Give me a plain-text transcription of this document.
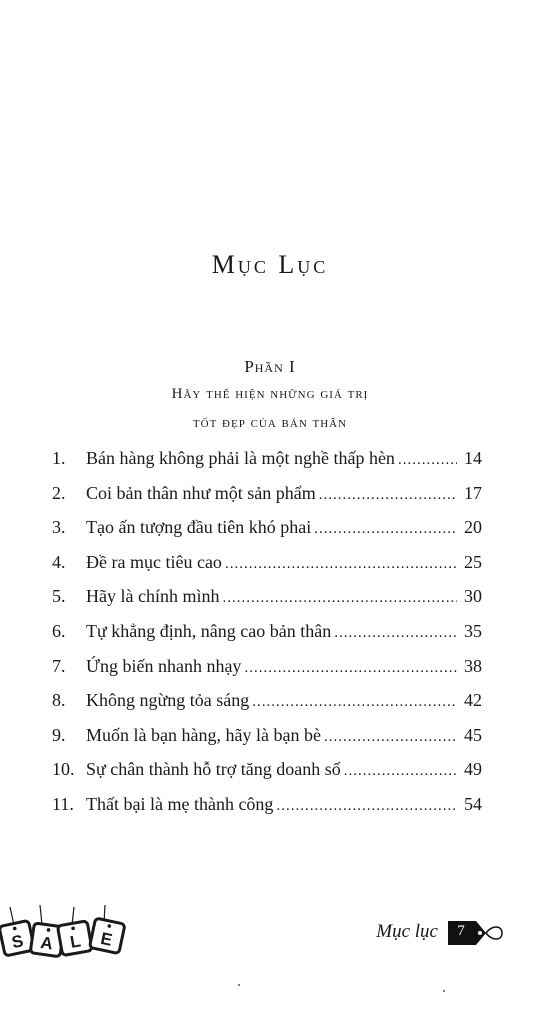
Mục Lục
Phần I
Hãy thể hiện những giá trị
tốt đẹp của bản thân
1.	Bán hàng không phải là một nghề thấp hèn .....	14
2.	Coi bản thân như một sản phẩm .....	17
3.	Tạo ấn tượng đầu tiên khó phai .....	20
4.	Đề ra mục tiêu cao .....	25
5.	Hãy là chính mình .....	30
6.	Tự khẳng định, nâng cao bản thân .....	35
7.	Ứng biến nhanh nhạy .....	38
8.	Không ngừng tỏa sáng .....	42
9.	Muốn là bạn hàng, hãy là bạn bè .....	45
10. Sự chân thành hỗ trợ tăng doanh số .....	49
11. Thất bại là mẹ thành công .....	54
S A L E	Mục lục	7
